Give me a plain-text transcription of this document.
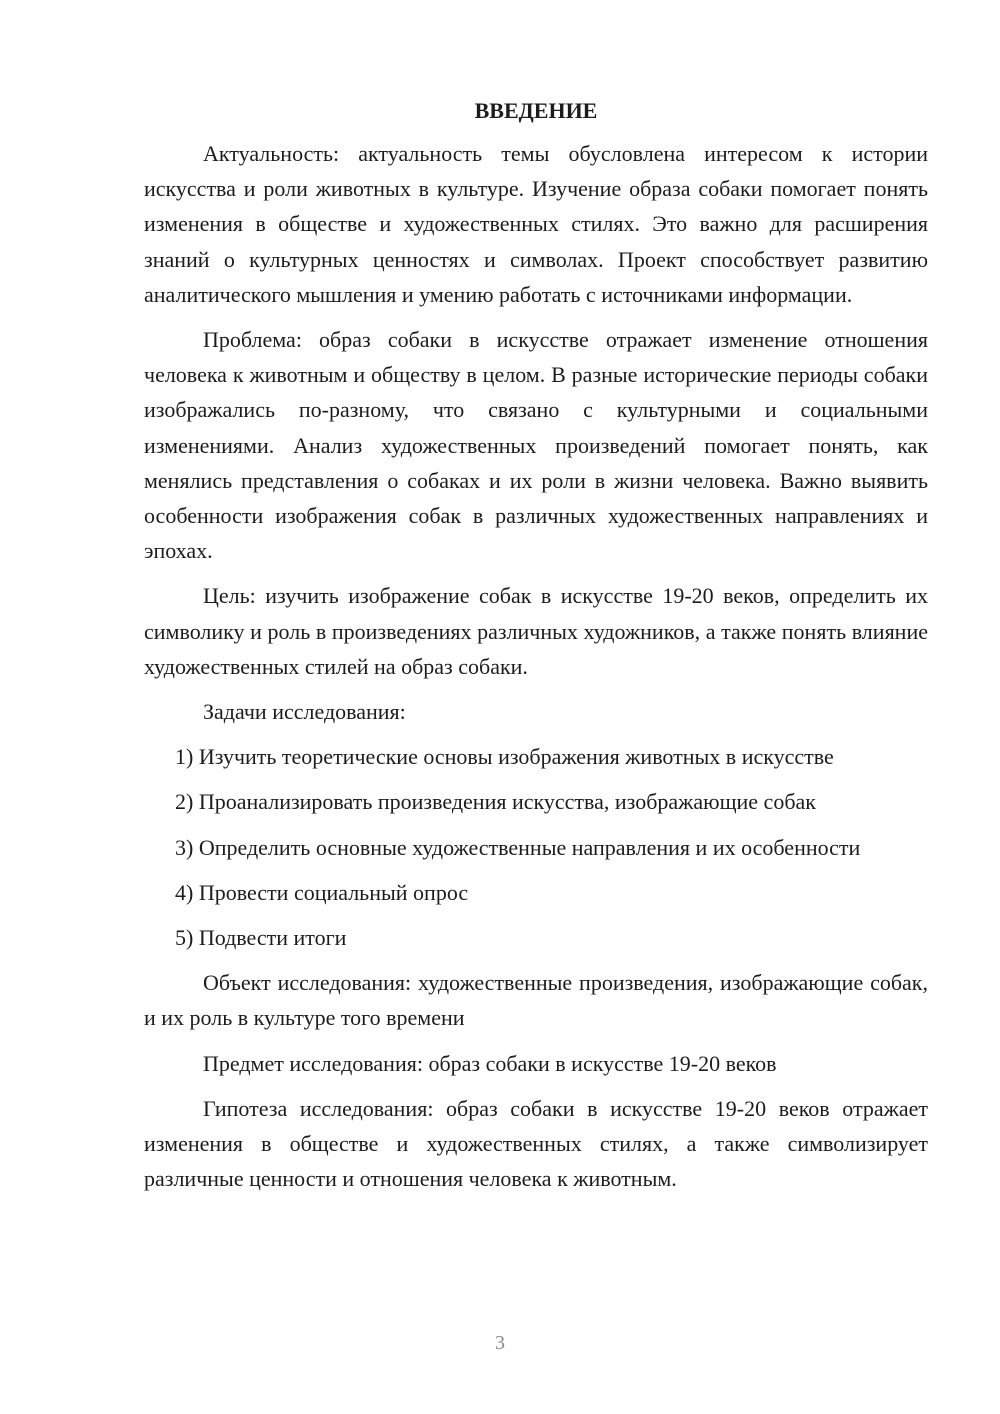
ВВЕДЕНИЕ

Актуальность: актуальность темы обусловлена интересом к истории искусства и роли животных в культуре. Изучение образа собаки помогает понять изменения в обществе и художественных стилях. Это важно для расширения знаний о культурных ценностях и символах. Проект способствует развитию аналитического мышления и умению работать с источниками информации.

Проблема: образ собаки в искусстве отражает изменение отношения человека к животным и обществу в целом. В разные исторические периоды собаки изображались по-разному, что связано с культурными и социальными изменениями. Анализ художественных произведений помогает понять, как менялись представления о собаках и их роли в жизни человека. Важно выявить особенности изображения собак в различных художественных направлениях и эпохах.

Цель: изучить изображение собак в искусстве 19-20 веков, определить их символику и роль в произведениях различных художников, а также понять влияние художественных стилей на образ собаки.

Задачи исследования:

1) Изучить теоретические основы изображения животных в искусстве

2) Проанализировать произведения искусства, изображающие собак

3) Определить основные художественные направления и их особенности

4) Провести социальный опрос

5) Подвести итоги

Объект исследования: художественные произведения, изображающие собак, и их роль в культуре того времени

Предмет исследования: образ собаки в искусстве 19-20 веков

Гипотеза исследования: образ собаки в искусстве 19-20 веков отражает изменения в обществе и художественных стилях, а также символизирует различные ценности и отношения человека к животным.

3
